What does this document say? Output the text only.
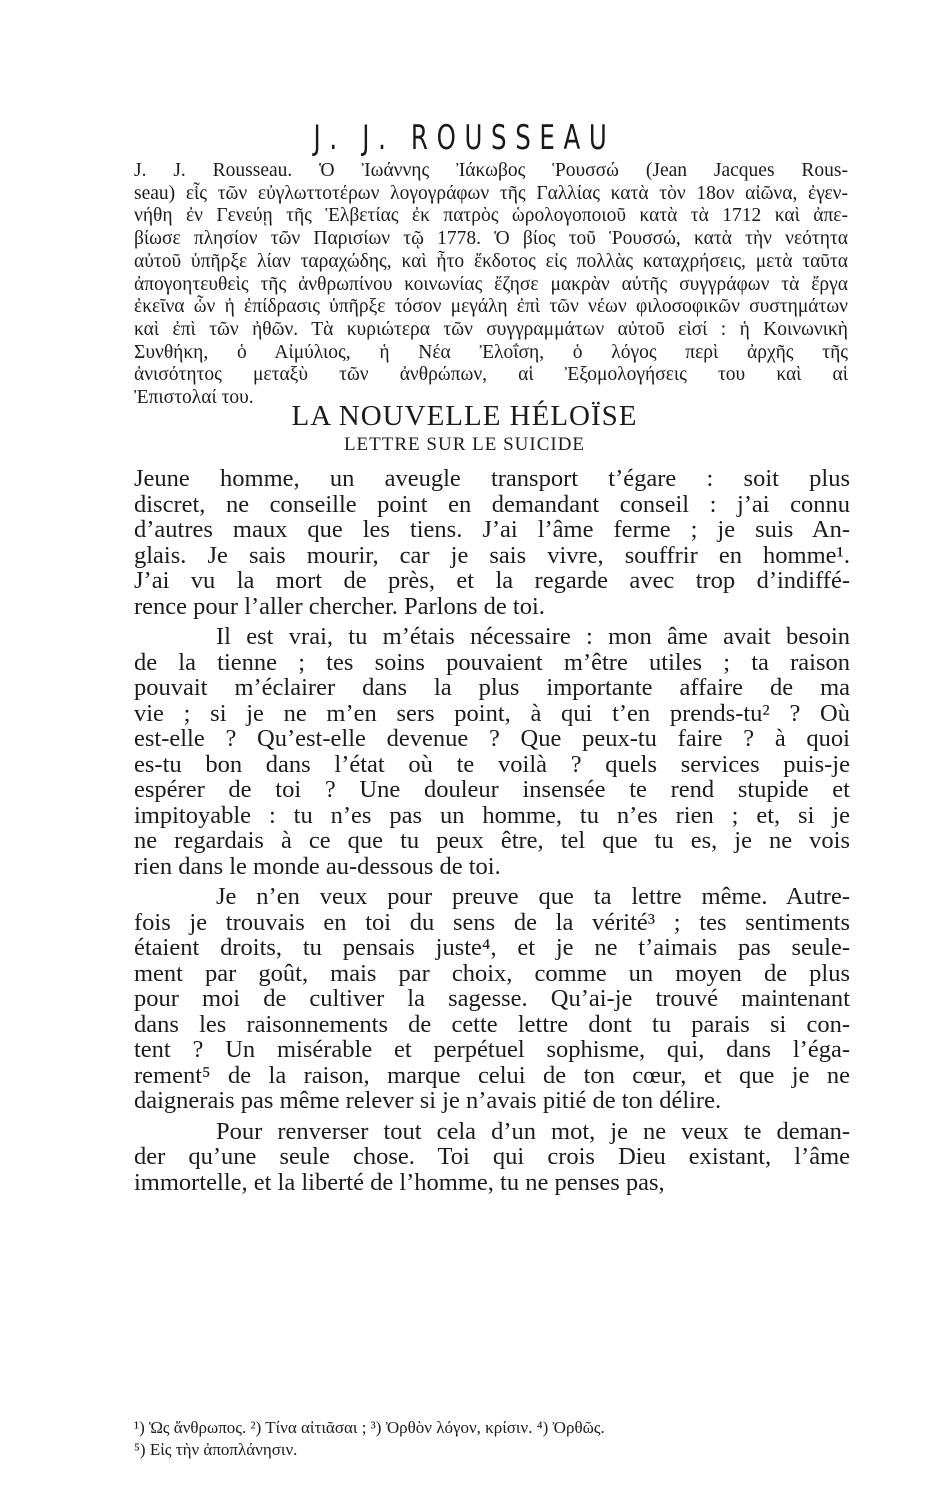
J. J. ROUSSEAU
J. J. Rousseau. Ὁ Ἰωάννης Ἰάκωβος Ῥουσσώ (Jean Jacques Rous-
seau) εἷς τῶν εὐγλωττοτέρων λογογράφων τῆς Γαλλίας κατὰ τὸν 18ον αἰῶνα, ἐγεν-
νήθη ἐν Γενεύῃ τῆς Ἑλβετίας ἐκ πατρὸς ὡρολογοποιοῦ κατὰ τὰ 1712 καὶ ἀπε-
βίωσε πλησίον τῶν Παρισίων τῷ 1778. Ὁ βίος τοῦ Ῥουσσώ, κατὰ τὴν νεότητα
αὐτοῦ ὑπῆρξε λίαν ταραχώδης, καὶ ἦτο ἔκδοτος εἰς πολλὰς καταχρήσεις, μετὰ ταῦτα
ἀπογοητευθεὶς τῆς ἀνθρωπίνου κοινωνίας ἔζησε μακρὰν αὐτῆς συγγράφων τὰ ἔργα
ἐκεῖνα ὧν ἡ ἐπίδρασις ὑπῆρξε τόσον μεγάλη ἐπὶ τῶν νέων φιλοσοφικῶν συστημάτων
καὶ ἐπὶ τῶν ἠθῶν. Τὰ κυριώτερα τῶν συγγραμμάτων αὐτοῦ εἰσί : ἡ Κοινωνικὴ
Συνθήκη, ὁ Αἰμύλιος, ἡ Νέα Ἐλοΐση, ὁ λόγος περὶ ἀρχῆς τῆς
ἀνισότητος μεταξὺ τῶν ἀνθρώπων, αἱ Ἐξομολογήσεις του καὶ αἱ
Ἐπιστολαί του.
LA NOUVELLE HÉLOÏSE
LETTRE SUR LE SUICIDE
Jeune homme, un aveugle transport t’égare : soit plus
discret, ne conseille point en demandant conseil : j’ai connu
d’autres maux que les tiens. J’ai l’âme ferme ; je suis An-
glais. Je sais mourir, car je sais vivre, souffrir en homme¹.
J’ai vu la mort de près, et la regarde avec trop d’indiffé-
rence pour l’aller chercher. Parlons de toi.
Il est vrai, tu m’étais nécessaire : mon âme avait besoin
de la tienne ; tes soins pouvaient m’être utiles ; ta raison
pouvait m’éclairer dans la plus importante affaire de ma
vie ; si je ne m’en sers point, à qui t’en prends-tu² ? Où
est-elle ? Qu’est-elle devenue ? Que peux-tu faire ? à quoi
es-tu bon dans l’état où te voilà ? quels services puis-je
espérer de toi ? Une douleur insensée te rend stupide et
impitoyable : tu n’es pas un homme, tu n’es rien ; et, si je
ne regardais à ce que tu peux être, tel que tu es, je ne vois
rien dans le monde au-dessous de toi.
Je n’en veux pour preuve que ta lettre même. Autre-
fois je trouvais en toi du sens de la vérité³ ; tes sentiments
étaient droits, tu pensais juste⁴, et je ne t’aimais pas seule-
ment par goût, mais par choix, comme un moyen de plus
pour moi de cultiver la sagesse. Qu’ai-je trouvé maintenant
dans les raisonnements de cette lettre dont tu parais si con-
tent ? Un misérable et perpétuel sophisme, qui, dans l’éga-
rement⁵ de la raison, marque celui de ton cœur, et que je ne
daignerais pas même relever si je n’avais pitié de ton délire.
Pour renverser tout cela d’un mot, je ne veux te deman-
der qu’une seule chose. Toi qui crois Dieu existant, l’âme
immortelle, et la liberté de l’homme, tu ne penses pas,
¹) Ὡς ἄνθρωπος. ²) Τίνα αἰτιᾶσαι ; ³) Ὀρθὸν λόγον, κρίσιν. ⁴) Ὀρθῶς.
⁵) Εἰς τὴν ἀποπλάνησιν.
